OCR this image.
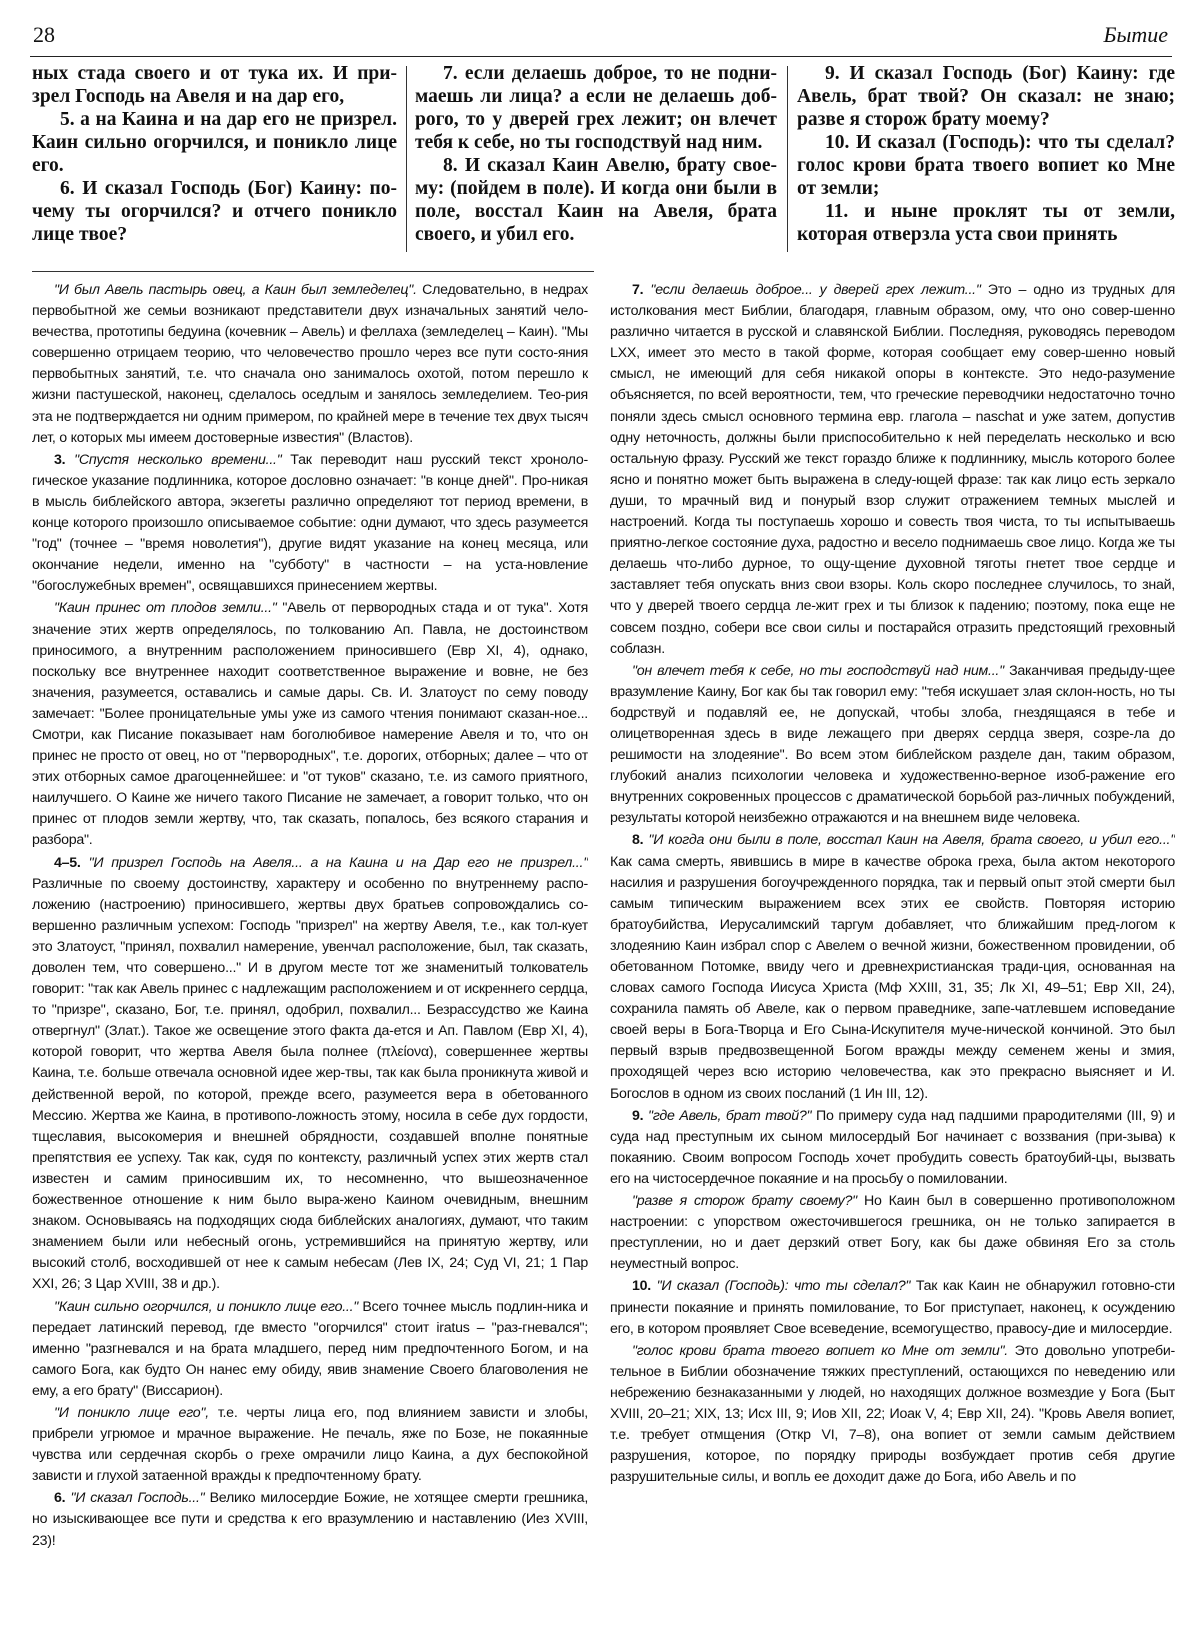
28	Бытие

ных стада своего и от тука их. И при-зрел Господь на Авеля и на дар его,

5. а на Каина и на дар его не призрел. Каин сильно огорчился, и поникло лице его.

6. И сказал Господь (Бог) Каину: по-чему ты огорчился? и отчего поникло лице твое?

7. если делаешь доброе, то не подни-маешь ли лица? а если не делаешь доб-рого, то у дверей грех лежит; он влечет тебя к себе, но ты господствуй над ним.

8. И сказал Каин Авелю, брату свое-му: (пойдем в поле). И когда они были в поле, восстал Каин на Авеля, брата своего, и убил его.

9. И сказал Господь (Бог) Каину: где Авель, брат твой? Он сказал: не знаю; разве я сторож брату моему?

10. И сказал (Господь): что ты сделал? голос крови брата твоего вопиет ко Мне от земли;

11. и ныне проклят ты от земли, которая отверзла уста свои принять

"И был Авель пастырь овец, а Каин был земледелец". Следовательно, в недрах первобытной же семьи возникают представители двух изначальных занятий чело-вечества, прототипы бедуина (кочевник – Авель) и феллаха (земледелец – Каин). "Мы совершенно отрицаем теорию, что человечество прошло через все пути состо-яния первобытных занятий, т.е. что сначала оно занималось охотой, потом перешло к жизни пастушеской, наконец, сделалось оседлым и занялось земледелием. Тео-рия эта не подтверждается ни одним примером, по крайней мере в течение тех двух тысяч лет, о которых мы имеем достоверные известия" (Властов).

3. "Спустя несколько времени..." Так переводит наш русский текст хроноло-гическое указание подлинника, которое дословно означает: "в конце дней". Про-никая в мысль библейского автора, экзегеты различно определяют тот период времени, в конце которого произошло описываемое событие: одни думают, что здесь разумеется "год" (точнее – "время новолетия"), другие видят указание на конец месяца, или окончание недели, именно на "субботу" в частности – на уста-новление "богослужебных времен", освящавшихся принесением жертвы.

"Каин принес от плодов земли..." "Авель от первородных стада и от тука". Хотя значение этих жертв определялось, по толкованию Ап. Павла, не достоинством приносимого, а внутренним расположением приносившего (Евр XI, 4), однако, поскольку все внутреннее находит соответственное выражение и вовне, не без значения, разумеется, оставались и самые дары. Св. И. Златоуст по сему поводу замечает: "Более проницательные умы уже из самого чтения понимают сказан-ное... Смотри, как Писание показывает нам боголюбивое намерение Авеля и то, что он принес не просто от овец, но от "первородных", т.е. дорогих, отборных; далее – что от этих отборных самое драгоценнейшее: и "от туков" сказано, т.е. из самого приятного, наилучшего. О Каине же ничего такого Писание не замечает, а говорит только, что он принес от плодов земли жертву, что, так сказать, попалось, без всякого старания и разбора".

4–5. "И призрел Господь на Авеля... а на Каина и на Дар его не призрел..." Различные по своему достоинству, характеру и особенно по внутреннему распо-ложению (настроению) приносившего, жертвы двух братьев сопровождались со-вершенно различным успехом: Господь "призрел" на жертву Авеля, т.е., как тол-кует это Златоуст, "принял, похвалил намерение, увенчал расположение, был, так сказать, доволен тем, что совершено..." И в другом месте тот же знаменитый толкователь говорит: "так как Авель принес с надлежащим расположением и от искреннего сердца, то "призре", сказано, Бог, т.е. принял, одобрил, похвалил... Безрассудство же Каина отвергнул" (Злат.). Такое же освещение этого факта да-ется и Ап. Павлом (Евр XI, 4), которой говорит, что жертва Авеля была полнее (πλείονα), совершеннее жертвы Каина, т.е. больше отвечала основной идее жер-твы, так как была проникнута живой и действенной верой, по которой, прежде всего, разумеется вера в обетованного Мессию. Жертва же Каина, в противопо-ложность этому, носила в себе дух гордости, тщеславия, высокомерия и внешней обрядности, создавшей вполне понятные препятствия ее успеху. Так как, судя по контексту, различный успех этих жертв стал известен и самим приносившим их, то несомненно, что вышеозначенное божественное отношение к ним было выра-жено Каином очевидным, внешним знаком. Основываясь на подходящих сюда библейских аналогиях, думают, что таким знамением были или небесный огонь, устремившийся на принятую жертву, или высокий столб, восходившей от нее к самым небесам (Лев IX, 24; Суд VI, 21; 1 Пар XXI, 26; 3 Цар XVIII, 38 и др.).

"Каин сильно огорчился, и поникло лице его..." Всего точнее мысль подлин-ника и передает латинский перевод, где вместо "огорчился" стоит iratus – "раз-гневался"; именно "разгневался и на брата младшего, перед ним предпочтенного Богом, и на самого Бога, как будто Он нанес ему обиду, явив знамение Своего благоволения не ему, а его брату" (Виссарион).

"И поникло лице его", т.е. черты лица его, под влиянием зависти и злобы, прибрели угрюмое и мрачное выражение. Не печаль, яже по Бозе, не покаянные чувства или сердечная скорбь о грехе омрачили лицо Каина, а дух беспокойной зависти и глухой затаенной вражды к предпочтенному брату.

6. "И сказал Господь..." Велико милосердие Божие, не хотящее смерти грешника, но изыскивающее все пути и средства к его вразумлению и наставлению (Иез XVIII, 23)!

7. "если делаешь доброе... у дверей грех лежит..." Это – одно из трудных для истолкования мест Библии, благодаря, главным образом, ому, что оно совер-шенно различно читается в русской и славянской Библии. Последняя, руководясь переводом LXX, имеет это место в такой форме, которая сообщает ему совер-шенно новый смысл, не имеющий для себя никакой опоры в контексте. Это недо-разумение объясняется, по всей вероятности, тем, что греческие переводчики недостаточно точно поняли здесь смысл основного термина евр. глагола – naschat и уже затем, допустив одну неточность, должны были приспособительно к ней переделать несколько и всю остальную фразу. Русский же текст гораздо ближе к подлиннику, мысль которого более ясно и понятно может быть выражена в следу-ющей фразе: так как лицо есть зеркало души, то мрачный вид и понурый взор служит отражением темных мыслей и настроений. Когда ты поступаешь хорошо и совесть твоя чиста, то ты испытываешь приятно-легкое состояние духа, радостно и весело поднимаешь свое лицо. Когда же ты делаешь что-либо дурное, то ощу-щение духовной тяготы гнетет твое сердце и заставляет тебя опускать вниз свои взоры. Коль скоро последнее случилось, то знай, что у дверей твоего сердца ле-жит грех и ты близок к падению; поэтому, пока еще не совсем поздно, собери все свои силы и постарайся отразить предстоящий греховный соблазн.

"он влечет тебя к себе, но ты господствуй над ним..." Заканчивая предыду-щее вразумление Каину, Бог как бы так говорил ему: "тебя искушает злая склон-ность, но ты бодрствуй и подавляй ее, не допускай, чтобы злоба, гнездящаяся в тебе и олицетворенная здесь в виде лежащего при дверях сердца зверя, созре-ла до решимости на злодеяние". Во всем этом библейском разделе дан, таким образом, глубокий анализ психологии человека и художественно-верное изоб-ражение его внутренних сокровенных процессов с драматической борьбой раз-личных побуждений, результаты которой неизбежно отражаются и на внешнем виде человека.

8. "И когда они были в поле, восстал Каин на Авеля, брата своего, и убил его..." Как сама смерть, явившись в мире в качестве оброка греха, была актом некоторого насилия и разрушения богоучрежденного порядка, так и первый опыт этой смерти был самым типическим выражением всех этих ее свойств. Повторяя историю братоубийства, Иерусалимский таргум добавляет, что ближайшим пред-логом к злодеянию Каин избрал спор с Авелем о вечной жизни, божественном провидении, об обетованном Потомке, ввиду чего и древнехристианская тради-ция, основанная на словах самого Господа Иисуса Христа (Мф XXIII, 31, 35; Лк XI, 49–51; Евр XII, 24), сохранила память об Авеле, как о первом праведнике, запе-чатлевшем исповедание своей веры в Бога-Творца и Его Сына-Искупителя муче-нической кончиной. Это был первый взрыв предвозвещенной Богом вражды между семенем жены и змия, проходящей через всю историю человечества, как это прекрасно выясняет и И. Богослов в одном из своих посланий (1 Ин III, 12).

9. "где Авель, брат твой?" По примеру суда над падшими прародителями (III, 9) и суда над преступным их сыном милосердый Бог начинает с воззвания (при-зыва) к покаянию. Своим вопросом Господь хочет пробудить совесть братоубий-цы, вызвать его на чистосердечное покаяние и на просьбу о помиловании.

"разве я сторож брату своему?" Но Каин был в совершенно противоположном настроении: с упорством ожесточившегося грешника, он не только запирается в преступлении, но и дает дерзкий ответ Богу, как бы даже обвиняя Его за столь неуместный вопрос.

10. "И сказал (Господь): что ты сделал?" Так как Каин не обнаружил готовно-сти принести покаяние и принять помилование, то Бог приступает, наконец, к осуждению его, в котором проявляет Свое всеведение, всемогущество, правосу-дие и милосердие.

"голос крови брата твоего вопиет ко Мне от земли". Это довольно употреби-тельное в Библии обозначение тяжких преступлений, остающихся по неведению или небрежению безнаказанными у людей, но находящих должное возмездие у Бога (Быт XVIII, 20–21; XIX, 13; Исх III, 9; Иов XII, 22; Иоак V, 4; Евр XII, 24). "Кровь Авеля вопиет, т.е. требует отмщения (Откр VI, 7–8), она вопиет от земли самым действием разрушения, которое, по порядку природы возбуждает против себя другие разрушительные силы, и вопль ее доходит даже до Бога, ибо Авель и по
